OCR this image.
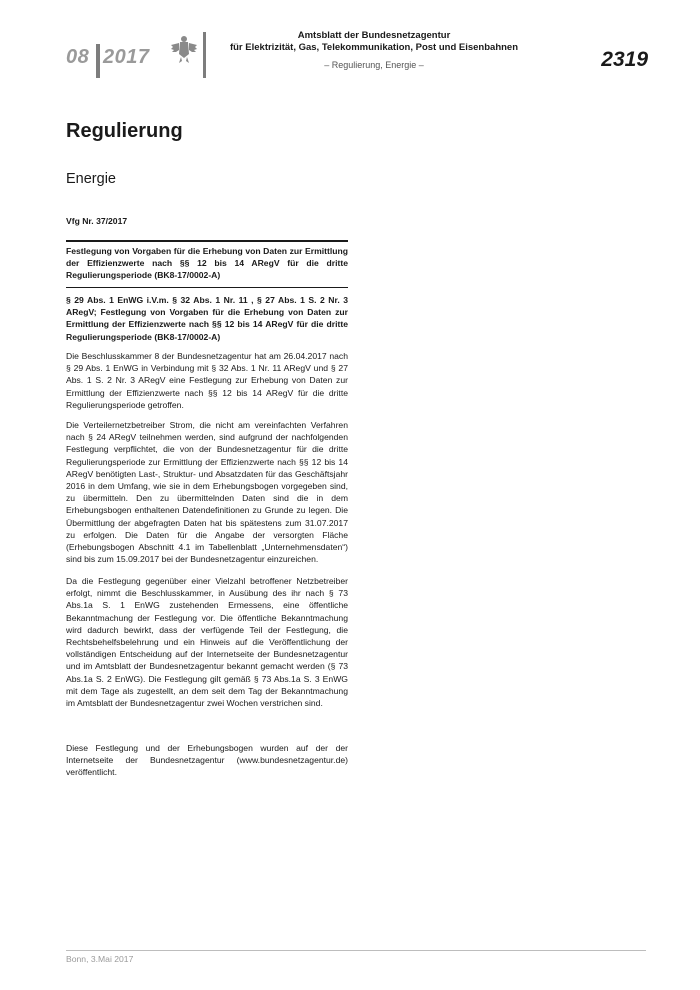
08 2017
Amtsblatt der Bundesnetzagentur
für Elektrizität, Gas, Telekommunikation, Post und Eisenbahnen
– Regulierung, Energie –	2319
Regulierung
Energie
Vfg Nr. 37/2017
Festlegung von Vorgaben für die Erhebung von Daten zur Ermittlung der Effizienzwerte nach §§ 12 bis 14 ARegV für die dritte Regulierungsperiode (BK8-17/0002-A)
§ 29 Abs. 1 EnWG i.V.m. § 32 Abs. 1 Nr. 11 , § 27 Abs. 1 S. 2 Nr. 3 ARegV; Festlegung von Vorgaben für die Erhebung von Daten zur Ermittlung der Effizienzwerte nach §§ 12 bis 14 ARegV für die dritte Regulierungsperiode (BK8-17/0002-A)
Die Beschlusskammer 8 der Bundesnetzagentur hat am 26.04.2017 nach § 29 Abs. 1 EnWG in Verbindung mit § 32 Abs. 1 Nr. 11 ARegV und § 27 Abs. 1 S. 2 Nr. 3 ARegV eine Festlegung zur Erhebung von Daten zur Ermittlung der Effizienzwerte nach §§ 12 bis 14 ARegV für die dritte Regulierungsperiode getroffen.
Die Verteilernetzbetreiber Strom, die nicht am vereinfachten Verfahren nach § 24 ARegV teilnehmen werden, sind aufgrund der nachfolgenden Festlegung verpflichtet, die von der Bundesnetzagentur für die dritte Regulierungsperiode zur Ermittlung der Effizienzwerte nach §§ 12 bis 14 ARegV benötigten Last-, Struktur- und Absatzdaten für das Geschäftsjahr 2016 in dem Umfang, wie sie in dem Erhebungsbogen vorgegeben sind, zu übermitteln. Den zu übermittelnden Daten sind die in dem Erhebungsbogen enthaltenen Datendefinitionen zu Grunde zu legen. Die Übermittlung der abgefragten Daten hat bis spätestens zum 31.07.2017 zu erfolgen. Die Daten für die Angabe der versorgten Fläche (Erhebungsbogen Abschnitt 4.1 im Tabellenblatt „Unternehmensdaten“) sind bis zum 15.09.2017 bei der Bundesnetzagentur einzureichen.
Da die Festlegung gegenüber einer Vielzahl betroffener Netzbetreiber erfolgt, nimmt die Beschlusskammer, in Ausübung des ihr nach § 73 Abs.1a S. 1 EnWG zustehenden Ermessens, eine öffentliche Bekanntmachung der Festlegung vor. Die öffentliche Bekanntmachung wird dadurch bewirkt, dass der verfügende Teil der Festlegung, die Rechtsbehelfsbelehrung und ein Hinweis auf die Veröffentlichung der vollständigen Entscheidung auf der Internetseite der Bundesnetzagentur und im Amtsblatt der Bundesnetzagentur bekannt gemacht werden (§ 73 Abs.1a S. 2 EnWG). Die Festlegung gilt gemäß § 73 Abs.1a S. 3 EnWG mit dem Tage als zugestellt, an dem seit dem Tag der Bekanntmachung im Amtsblatt der Bundesnetzagentur zwei Wochen verstrichen sind.
Diese Festlegung und der Erhebungsbogen wurden auf der der Internetseite der Bundesnetzagentur (www.bundesnetzagentur.de) veröffentlicht.
Bonn, 3.Mai 2017
